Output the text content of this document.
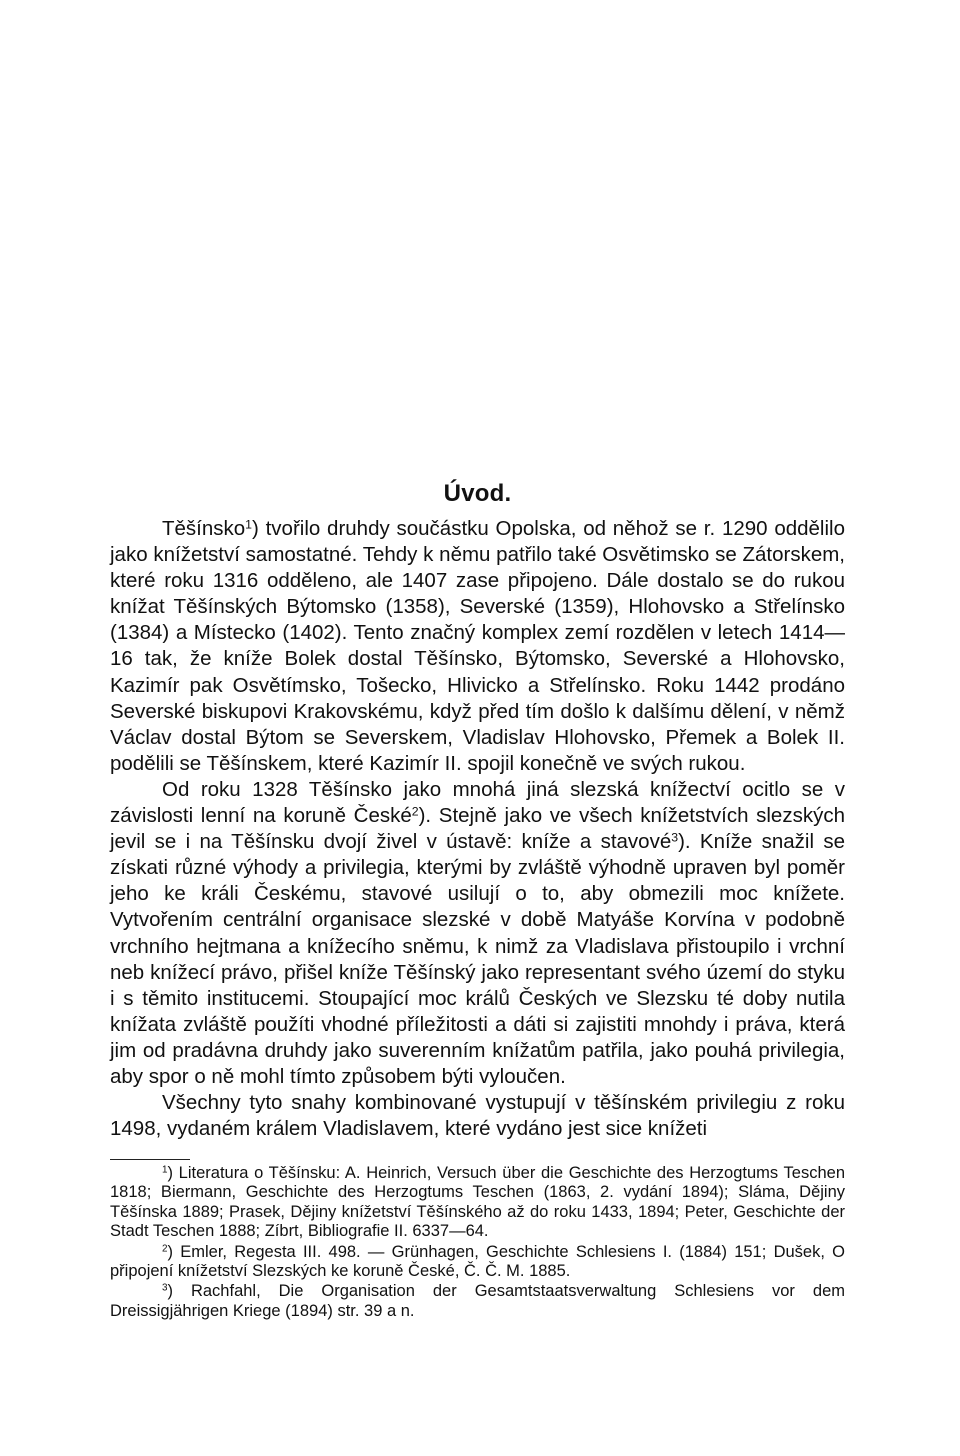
Úvod.

Těšínsko$^1$) tvořilo druhdy součástku Opolska, od něhož se r. 1290 oddělilo jako knížetství samostatné. Tehdy k němu patřilo také Osvětimsko se Zátorskem, které roku 1316 odděleno, ale 1407 zase připojeno. Dále dostalo se do rukou knížat Těšínských Býtomsko (1358), Severské (1359), Hlohovsko a Střelínsko (1384) a Místecko (1402). Tento značný komplex zemí rozdělen v letech 1414—16 tak, že kníže Bolek dostal Těšínsko, Býtomsko, Severské a Hlohovsko, Kazimír pak Osvětímsko, Tošecko, Hlivicko a Střelínsko. Roku 1442 prodáno Severské biskupovi Krakovskému, když před tím došlo k dalšímu dělení, v němž Václav dostal Býtom se Severskem, Vladislav Hlohovsko, Přemek a Bolek II. podělili se Těšínskem, které Kazimír II. spojil konečně ve svých rukou.

Od roku 1328 Těšínsko jako mnohá jiná slezská knížectví ocitlo se v závislosti lenní na koruně České$^2$). Stejně jako ve všech knížetstvích slezských jevil se i na Těšínsku dvojí živel v ústavě: kníže a stavové$^3$). Kníže snažil se získati různé výhody a privilegia, kterými by zvláště výhodně upraven byl poměr jeho ke králi Českému, stavové usilují o to, aby obmezili moc knížete. Vytvořením centrální organisace slezské v době Matyáše Korvína v podobně vrchního hejtmana a knížecího sněmu, k nimž za Vladislava přistoupilo i vrchní neb knížecí právo, přišel kníže Těšínský jako representant svého území do styku i s těmito institucemi. Stoupající moc králů Českých ve Slezsku té doby nutila knížata zvláště použíti vhodné příležitosti a dáti si zajistiti mnohdy i práva, která jim od pradávna druhdy jako suverenním knížatům patřila, jako pouhá privilegia, aby spor o ně mohl tímto způsobem býti vyloučen.

Všechny tyto snahy kombinované vystupují v těšínském privilegiu z roku 1498, vydaném králem Vladislavem, které vydáno jest sice knížeti

$^1$) Literatura o Těšínsku: A. Heinrich, Versuch über die Geschichte des Herzogtums Teschen 1818; Biermann, Geschichte des Herzogtums Teschen (1863, 2. vydání 1894); Sláma, Dějiny Těšínska 1889; Prasek, Dějiny knížetství Těšínského až do roku 1433, 1894; Peter, Geschichte der Stadt Teschen 1888; Zíbrt, Bibliografie II. 6337—64.

$^2$) Emler, Regesta III. 498. — Grünhagen, Geschichte Schlesiens I. (1884) 151; Dušek, O připojení knížetství Slezských ke koruně České, Č. Č. M. 1885.

$^3$) Rachfahl, Die Organisation der Gesamtstaatsverwaltung Schlesiens vor dem Dreissigjährigen Kriege (1894) str. 39 a n.
